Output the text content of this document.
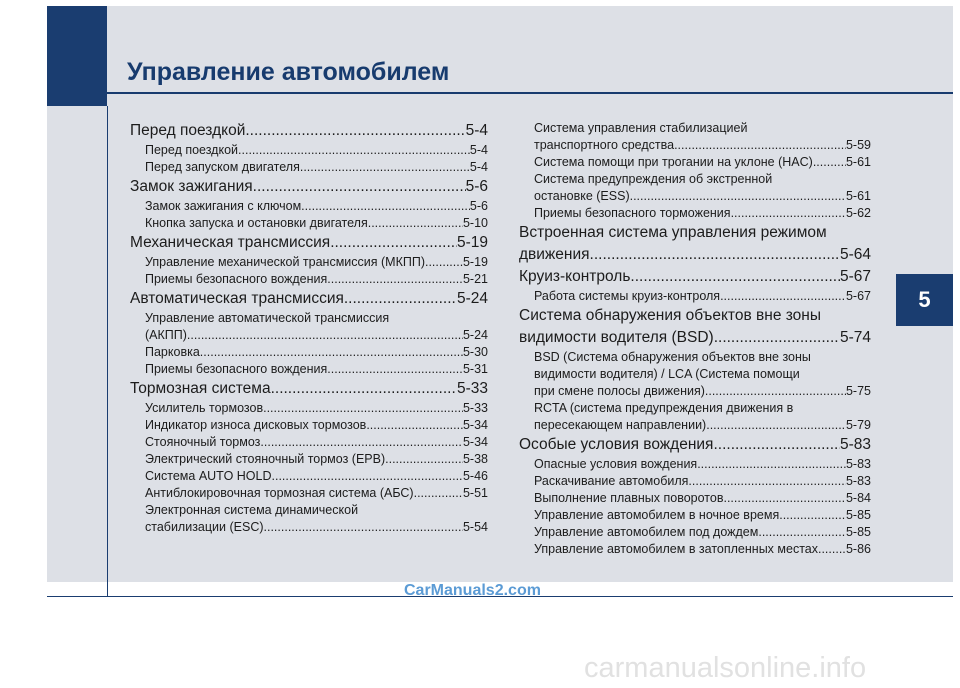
Управление автомобилем
5
Перед поездкой .....	5-4
Перед поездкой .....	5-4
Перед запуском двигателя .....	5-4
Замок зажигания .....	5-6
Замок зажигания с ключом .....	5-6
Кнопка запуска и остановки двигателя .....	5-10
Механическая трансмиссия .....	5-19
Управление механической трансмиссия (МКПП) .....	5-19
Приемы безопасного вождения .....	5-21
Автоматическая трансмиссия .....	5-24
Управление автоматической трансмиссия
(АКПП) .....	5-24
Парковка .....	5-30
Приемы безопасного вождения .....	5-31
Тормозная система .....	5-33
Усилитель тормозов .....	5-33
Индикатор износа дисковых тормозов .....	5-34
Стояночный тормоз .....	5-34
Электрический стояночный тормоз (EPB) .....	5-38
Система AUTO HOLD .....	5-46
Антиблокировочная тормозная система (АБС) .....	5-51
Электронная система динамической
стабилизации (ESC) .....	5-54
Система управления стабилизацией
транспортного средства .....	5-59
Система помощи при трогании на уклоне (HAC) .....	5-61
Система предупреждения об экстренной
остановке (ESS) .....	5-61
Приемы безопасного торможения .....	5-62
Встроенная система управления режимом
движения .....	5-64
Круиз-контроль .....	5-67
Работа системы круиз-контроля .....	5-67
Система обнаружения объектов вне зоны
видимости водителя (BSD) .....	5-74
BSD (Система обнаружения объектов вне зоны
видимости водителя) / LCA (Система помощи
при смене полосы движения) .....	5-75
RCTA (система предупреждения движения в
пересекающем направлении) .....	5-79
Особые условия вождения .....	5-83
Опасные условия вождения .....	5-83
Раскачивание автомобиля .....	5-83
Выполнение плавных поворотов .....	5-84
Управление автомобилем в ночное время .....	5-85
Управление автомобилем под дождем .....	5-85
Управление автомобилем в затопленных местах ..... 5-86
CarManuals2.com
carmanualsonline.info
